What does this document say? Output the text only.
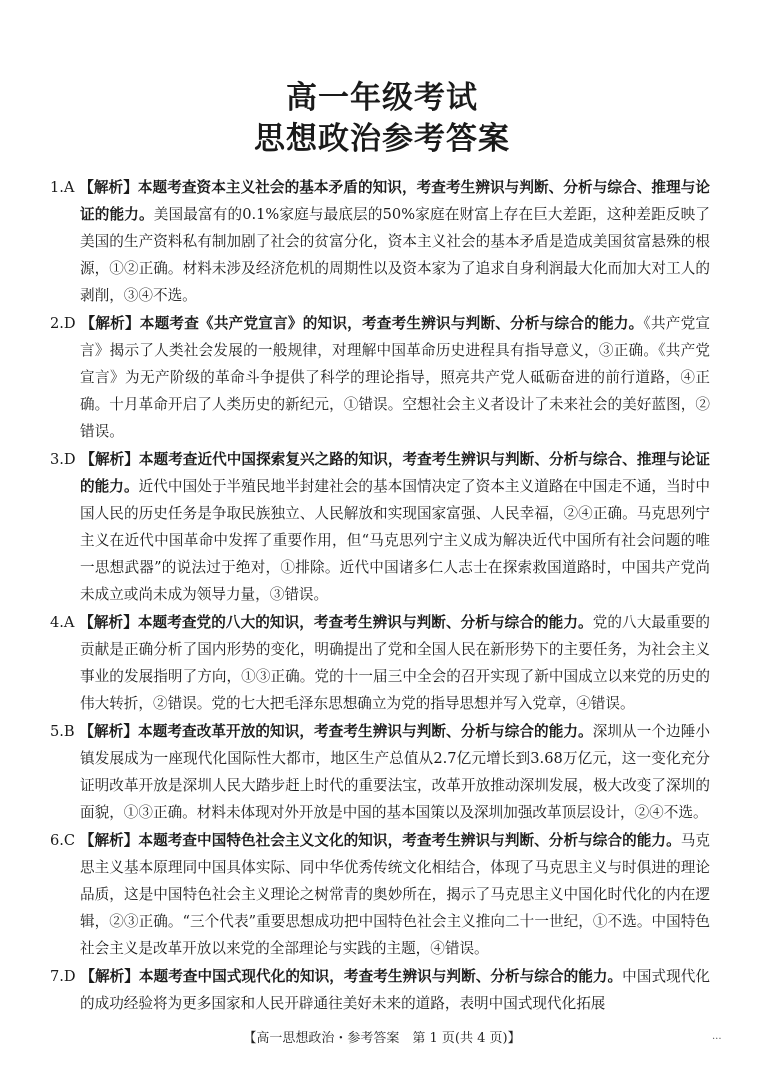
高一年级考试
思想政治参考答案

1.A 【解析】本题考查资本主义社会的基本矛盾的知识，考查考生辨识与判断、分析与综合、推理与论证的能力。美国最富有的0.1%家庭与最底层的50%家庭在财富上存在巨大差距，这种差距反映了美国的生产资料私有制加剧了社会的贫富分化，资本主义社会的基本矛盾是造成美国贫富悬殊的根源，①②正确。材料未涉及经济危机的周期性以及资本家为了追求自身利润最大化而加大对工人的剥削，③④不选。

2.D 【解析】本题考查《共产党宣言》的知识，考查考生辨识与判断、分析与综合的能力。《共产党宣言》揭示了人类社会发展的一般规律，对理解中国革命历史进程具有指导意义，③正确。《共产党宣言》为无产阶级的革命斗争提供了科学的理论指导，照亮共产党人砥砺奋进的前行道路，④正确。十月革命开启了人类历史的新纪元，①错误。空想社会主义者设计了未来社会的美好蓝图，②错误。

3.D 【解析】本题考查近代中国探索复兴之路的知识，考查考生辨识与判断、分析与综合、推理与论证的能力。近代中国处于半殖民地半封建社会的基本国情决定了资本主义道路在中国走不通，当时中国人民的历史任务是争取民族独立、人民解放和实现国家富强、人民幸福，②④正确。马克思列宁主义在近代中国革命中发挥了重要作用，但“马克思列宁主义成为解决近代中国所有社会问题的唯一思想武器”的说法过于绝对，①排除。近代中国诸多仁人志士在探索救国道路时，中国共产党尚未成立或尚未成为领导力量，③错误。

4.A 【解析】本题考查党的八大的知识，考查考生辨识与判断、分析与综合的能力。党的八大最重要的贡献是正确分析了国内形势的变化，明确提出了党和全国人民在新形势下的主要任务，为社会主义事业的发展指明了方向，①③正确。党的十一届三中全会的召开实现了新中国成立以来党的历史的伟大转折，②错误。党的七大把毛泽东思想确立为党的指导思想并写入党章，④错误。

5.B 【解析】本题考查改革开放的知识，考查考生辨识与判断、分析与综合的能力。深圳从一个边陲小镇发展成为一座现代化国际性大都市，地区生产总值从2.7亿元增长到3.68万亿元，这一变化充分证明改革开放是深圳人民大踏步赶上时代的重要法宝，改革开放推动深圳发展，极大改变了深圳的面貌，①③正确。材料未体现对外开放是中国的基本国策以及深圳加强改革顶层设计，②④不选。

6.C 【解析】本题考查中国特色社会主义文化的知识，考查考生辨识与判断、分析与综合的能力。马克思主义基本原理同中国具体实际、同中华优秀传统文化相结合，体现了马克思主义与时俱进的理论品质，这是中国特色社会主义理论之树常青的奥妙所在，揭示了马克思主义中国化时代化的内在逻辑，②③正确。“三个代表”重要思想成功把中国特色社会主义推向二十一世纪，①不选。中国特色社会主义是改革开放以来党的全部理论与实践的主题，④错误。

7.D 【解析】本题考查中国式现代化的知识，考查考生辨识与判断、分析与综合的能力。中国式现代化的成功经验将为更多国家和人民开辟通往美好未来的道路，表明中国式现代化拓展

【高一思想政治・参考答案　第 1 页(共 4 页)】	...
